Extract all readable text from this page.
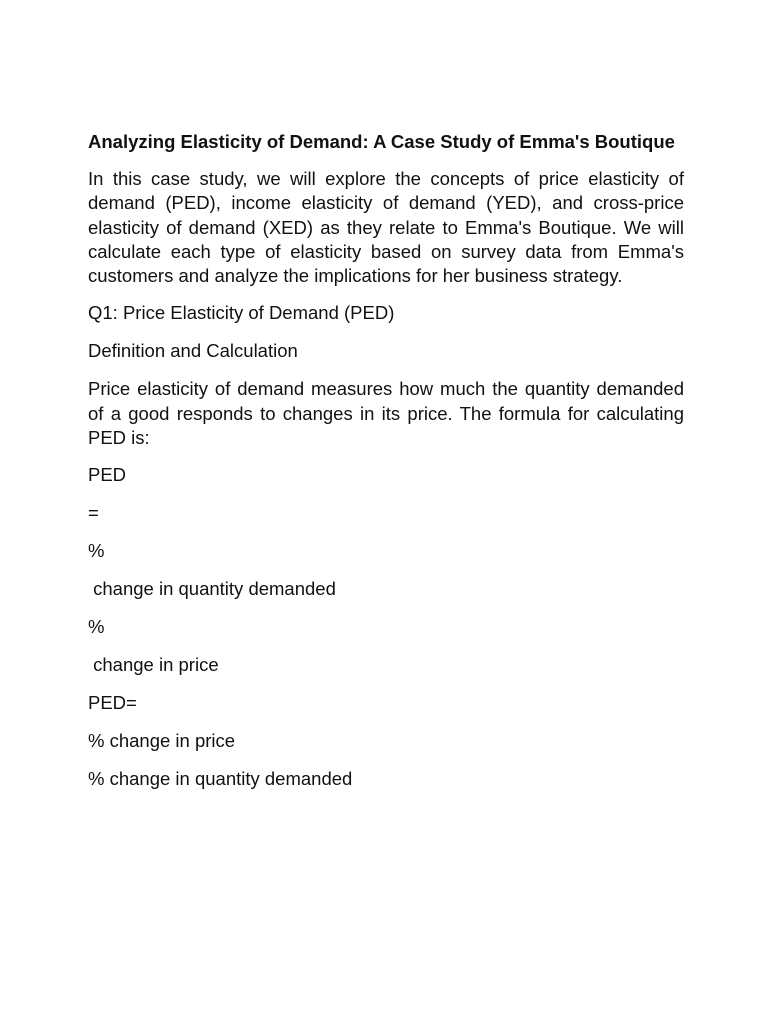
Analyzing Elasticity of Demand: A Case Study of Emma's Boutique
In this case study, we will explore the concepts of price elasticity of demand (PED), income elasticity of demand (YED), and cross-price elasticity of demand (XED) as they relate to Emma's Boutique. We will calculate each type of elasticity based on survey data from Emma's customers and analyze the implications for her business strategy.
Q1: Price Elasticity of Demand (PED)
Definition and Calculation
Price elasticity of demand measures how much the quantity demanded of a good responds to changes in its price. The formula for calculating PED is:
PED
=
%
change in quantity demanded
%
change in price
PED=
% change in price
% change in quantity demanded
